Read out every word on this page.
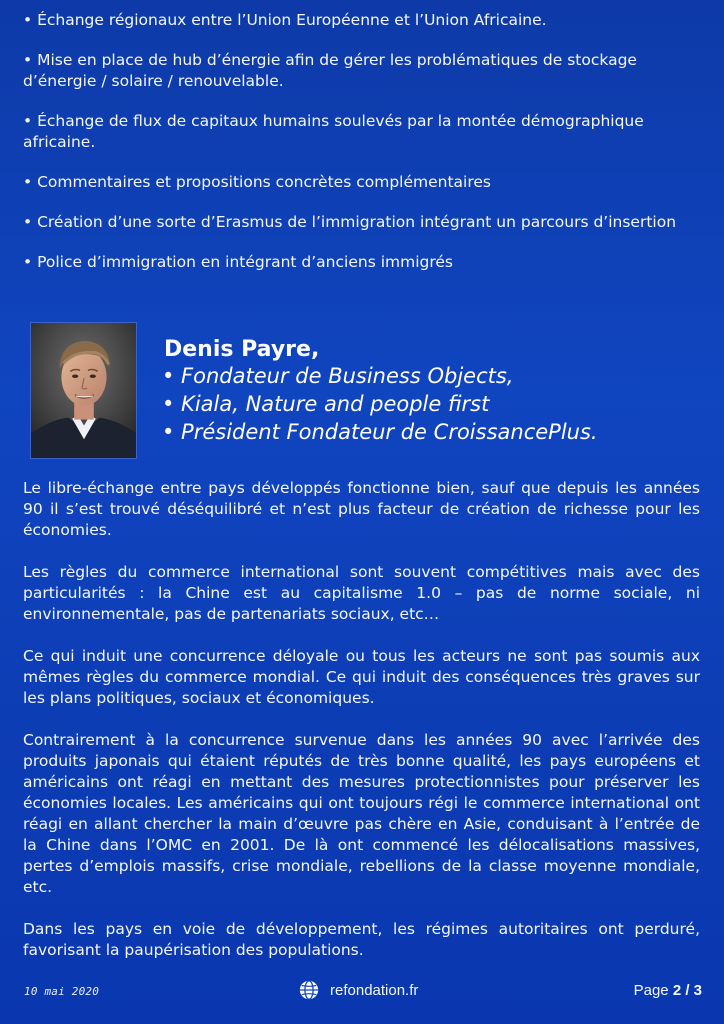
• Échange régionaux entre l’Union Européenne et l’Union Africaine.
• Mise en place de hub d’énergie afin de gérer les problématiques de stockage d’énergie / solaire / renouvelable.
• Échange de flux de capitaux humains soulevés par la montée démographique africaine.
• Commentaires et propositions concrètes complémentaires
• Création d’une sorte d’Erasmus de l’immigration intégrant un parcours d’insertion
• Police d’immigration en intégrant d’anciens immigrés
Denis Payre,
• Fondateur de Business Objects,
• Kiala, Nature and people first
• Président Fondateur de CroissancePlus.

Le libre-échange entre pays développés fonctionne bien, sauf que depuis les années 90 il s’est trouvé déséquilibré et n’est plus facteur de création de richesse pour les économies.

Les règles du commerce international sont souvent compétitives mais avec des particularités : la Chine est au capitalisme 1.0 – pas de norme sociale, ni environnementale, pas de partenariats sociaux, etc…

Ce qui induit une concurrence déloyale ou tous les acteurs ne sont pas soumis aux mêmes règles du commerce mondial. Ce qui induit des conséquences très graves sur les plans politiques, sociaux et économiques.

Contrairement à la concurrence survenue dans les années 90 avec l’arrivée des produits japonais qui étaient réputés de très bonne qualité, les pays européens et américains ont réagi en mettant des mesures protectionnistes pour préserver les économies locales. Les américains qui ont toujours régi le commerce international ont réagi en allant chercher la main d’œuvre pas chère en Asie, conduisant à l’entrée de la Chine dans l’OMC en 2001. De là ont commencé les délocalisations massives, pertes d’emplois massifs, crise mondiale, rebellions de la classe moyenne mondiale, etc.

Dans les pays en voie de développement, les régimes autoritaires ont perduré, favorisant la paupérisation des populations.

10 mai 2020	refondation.fr	Page 2 / 3
